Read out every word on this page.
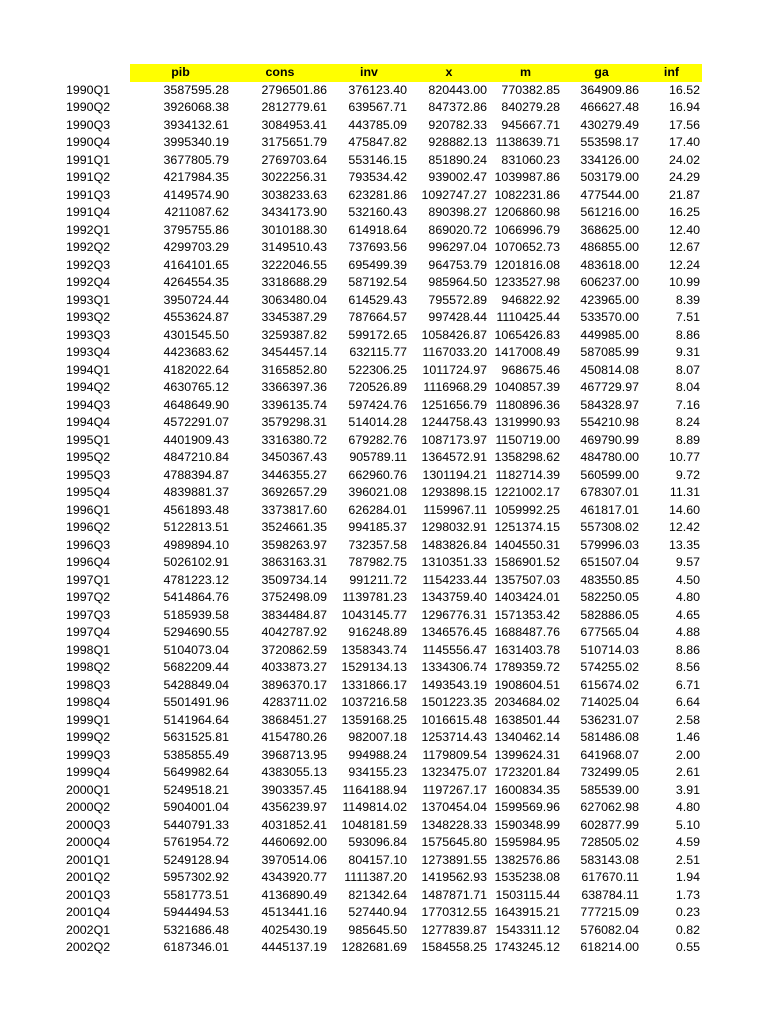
	pib	cons	inv	x	m	ga	inf
1990Q1	3587595.28	2796501.86	376123.40	820443.00	770382.85	364909.86	16.52
1990Q2	3926068.38	2812779.61	639567.71	847372.86	840279.28	466627.48	16.94
1990Q3	3934132.61	3084953.41	443785.09	920782.33	945667.71	430279.49	17.56
1990Q4	3995340.19	3175651.79	475847.82	928882.13	1138639.71	553598.17	17.40
1991Q1	3677805.79	2769703.64	553146.15	851890.24	831060.23	334126.00	24.02
1991Q2	4217984.35	3022256.31	793534.42	939002.47	1039987.86	503179.00	24.29
1991Q3	4149574.90	3038233.63	623281.86	1092747.27	1082231.86	477544.00	21.87
1991Q4	4211087.62	3434173.90	532160.43	890398.27	1206860.98	561216.00	16.25
1992Q1	3795755.86	3010188.30	614918.64	869020.72	1066996.79	368625.00	12.40
1992Q2	4299703.29	3149510.43	737693.56	996297.04	1070652.73	486855.00	12.67
1992Q3	4164101.65	3222046.55	695499.39	964753.79	1201816.08	483618.00	12.24
1992Q4	4264554.35	3318688.29	587192.54	985964.50	1233527.98	606237.00	10.99
1993Q1	3950724.44	3063480.04	614529.43	795572.89	946822.92	423965.00	8.39
1993Q2	4553624.87	3345387.29	787664.57	997428.44	1110425.44	533570.00	7.51
1993Q3	4301545.50	3259387.82	599172.65	1058426.87	1065426.83	449985.00	8.86
1993Q4	4423683.62	3454457.14	632115.77	1167033.20	1417008.49	587085.99	9.31
1994Q1	4182022.64	3165852.80	522306.25	1011724.97	968675.46	450814.08	8.07
1994Q2	4630765.12	3366397.36	720526.89	1116968.29	1040857.39	467729.97	8.04
1994Q3	4648649.90	3396135.74	597424.76	1251656.79	1180896.36	584328.97	7.16
1994Q4	4572291.07	3579298.31	514014.28	1244758.43	1319990.93	554210.98	8.24
1995Q1	4401909.43	3316380.72	679282.76	1087173.97	1150719.00	469790.99	8.89
1995Q2	4847210.84	3450367.43	905789.11	1364572.91	1358298.62	484780.00	10.77
1995Q3	4788394.87	3446355.27	662960.76	1301194.21	1182714.39	560599.00	9.72
1995Q4	4839881.37	3692657.29	396021.08	1293898.15	1221002.17	678307.01	11.31
1996Q1	4561893.48	3373817.60	626284.01	1159967.11	1059992.25	461817.01	14.60
1996Q2	5122813.51	3524661.35	994185.37	1298032.91	1251374.15	557308.02	12.42
1996Q3	4989894.10	3598263.97	732357.58	1483826.84	1404550.31	579996.03	13.35
1996Q4	5026102.91	3863163.31	787982.75	1310351.33	1586901.52	651507.04	9.57
1997Q1	4781223.12	3509734.14	991211.72	1154233.44	1357507.03	483550.85	4.50
1997Q2	5414864.76	3752498.09	1139781.23	1343759.40	1403424.01	582250.05	4.80
1997Q3	5185939.58	3834484.87	1043145.77	1296776.31	1571353.42	582886.05	4.65
1997Q4	5294690.55	4042787.92	916248.89	1346576.45	1688487.76	677565.04	4.88
1998Q1	5104073.04	3720862.59	1358343.74	1145556.47	1631403.78	510714.03	8.86
1998Q2	5682209.44	4033873.27	1529134.13	1334306.74	1789359.72	574255.02	8.56
1998Q3	5428849.04	3896370.17	1331866.17	1493543.19	1908604.51	615674.02	6.71
1998Q4	5501491.96	4283711.02	1037216.58	1501223.35	2034684.02	714025.04	6.64
1999Q1	5141964.64	3868451.27	1359168.25	1016615.48	1638501.44	536231.07	2.58
1999Q2	5631525.81	4154780.26	982007.18	1253714.43	1340462.14	581486.08	1.46
1999Q3	5385855.49	3968713.95	994988.24	1179809.54	1399624.31	641968.07	2.00
1999Q4	5649982.64	4383055.13	934155.23	1323475.07	1723201.84	732499.05	2.61
2000Q1	5249518.21	3903357.45	1164188.94	1197267.17	1600834.35	585539.00	3.91
2000Q2	5904001.04	4356239.97	1149814.02	1370454.04	1599569.96	627062.98	4.80
2000Q3	5440791.33	4031852.41	1048181.59	1348228.33	1590348.99	602877.99	5.10
2000Q4	5761954.72	4460692.00	593096.84	1575645.80	1595984.95	728505.02	4.59
2001Q1	5249128.94	3970514.06	804157.10	1273891.55	1382576.86	583143.08	2.51
2001Q2	5957302.92	4343920.77	1111387.20	1419562.93	1535238.08	617670.11	1.94
2001Q3	5581773.51	4136890.49	821342.64	1487871.71	1503115.44	638784.11	1.73
2001Q4	5944494.53	4513441.16	527440.94	1770312.55	1643915.21	777215.09	0.23
2002Q1	5321686.48	4025430.19	985645.50	1277839.87	1543311.12	576082.04	0.82
2002Q2	6187346.01	4445137.19	1282681.69	1584558.25	1743245.12	618214.00	0.55
